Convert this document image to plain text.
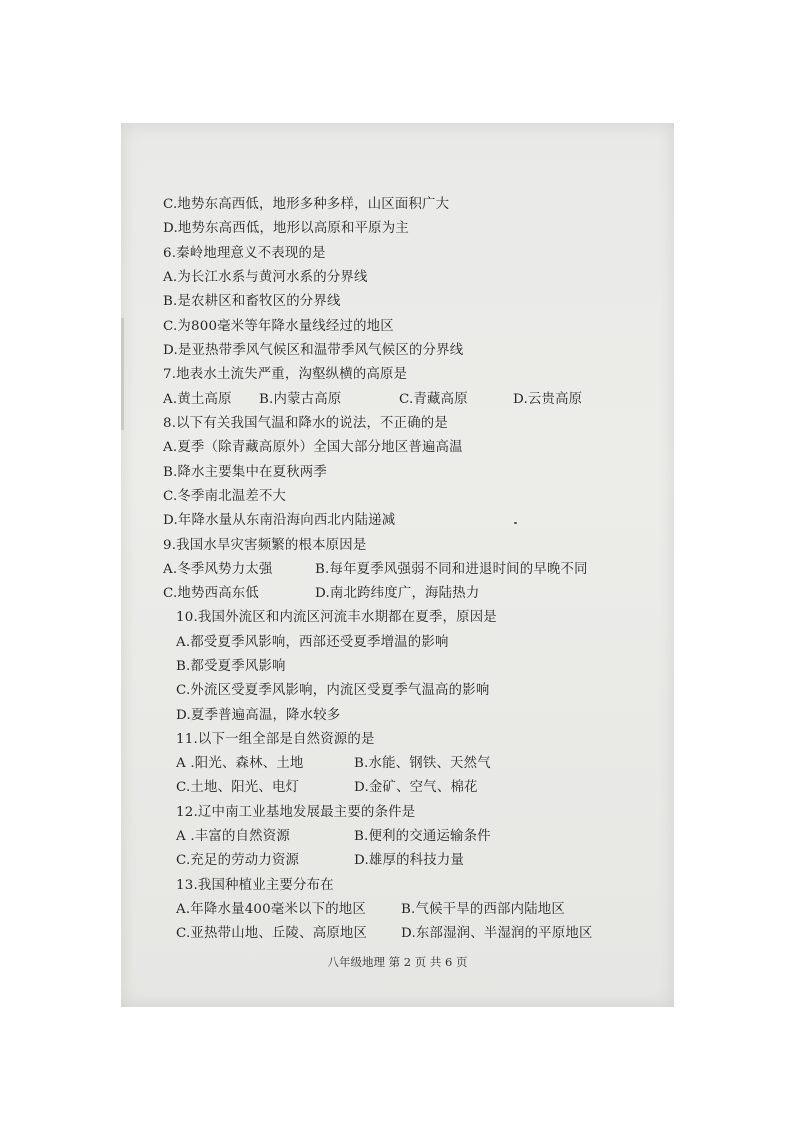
C.地势东高西低，地形多种多样，山区面积广大
D.地势东高西低，地形以高原和平原为主
6.秦岭地理意义不表现的是
A.为长江水系与黄河水系的分界线
B.是农耕区和畜牧区的分界线
C.为800毫米等年降水量线经过的地区
D.是亚热带季风气候区和温带季风气候区的分界线
7.地表水土流失严重，沟壑纵横的高原是
A.黄土高原 B.内蒙古高原	C.青藏高原	D.云贵高原
8.以下有关我国气温和降水的说法，不正确的是
A.夏季（除青藏高原外）全国大部分地区普遍高温
B.降水主要集中在夏秋两季
C.冬季南北温差不大
D.年降水量从东南沿海向西北内陆递减
9.我国水旱灾害频繁的根本原因是
A.冬季风势力太强	B.每年夏季风强弱不同和进退时间的早晚不同
C.地势西高东低	D.南北跨纬度广，海陆热力
10.我国外流区和内流区河流丰水期都在夏季，原因是
A.都受夏季风影响，西部还受夏季增温的影响
B.都受夏季风影响
C.外流区受夏季风影响，内流区受夏季气温高的影响
D.夏季普遍高温，降水较多
11.以下一组全部是自然资源的是
A .阳光、森林、土地	B.水能、钢铁、天然气
C.土地、阳光、电灯	D.金矿、空气、棉花
12.辽中南工业基地发展最主要的条件是
A .丰富的自然资源	B.便利的交通运输条件
C.充足的劳动力资源	D.雄厚的科技力量
13.我国种植业主要分布在
A.年降水量400毫米以下的地区	B.气候干旱的西部内陆地区
C.亚热带山地、丘陵、高原地区	D.东部湿润、半湿润的平原地区
八年级地理 第 2 页 共 6 页
